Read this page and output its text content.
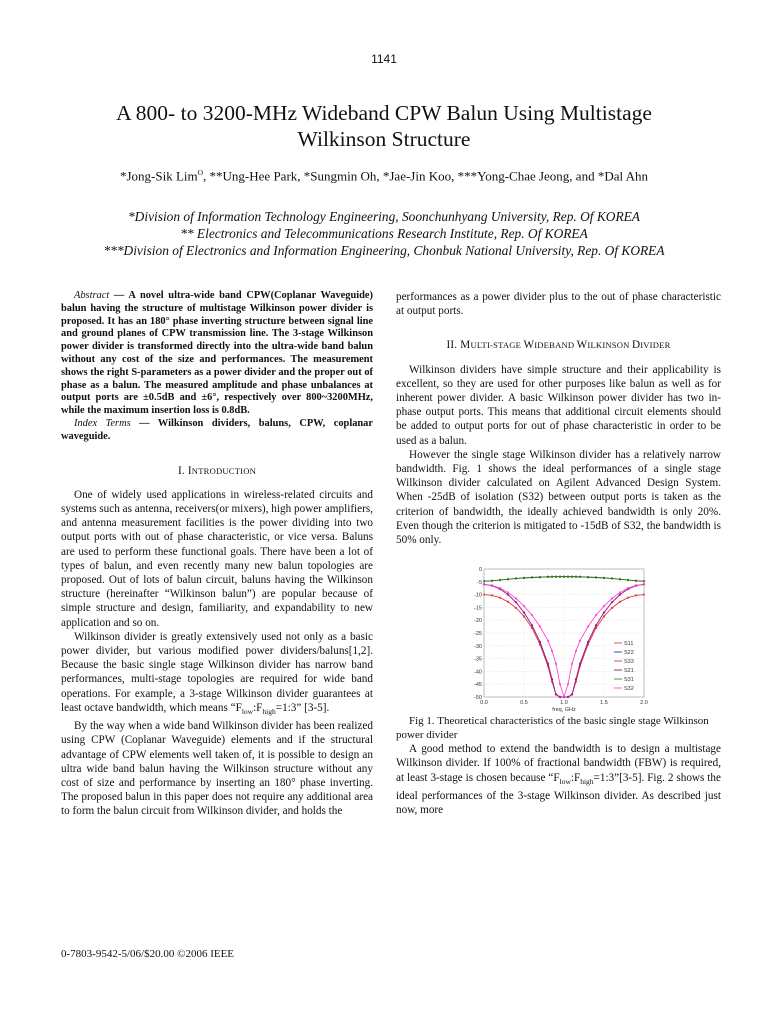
1141
A 800- to 3200-MHz Wideband CPW Balun Using Multistage
Wilkinson Structure
*Jong-Sik Lim$^O$, **Ung-Hee Park, *Sungmin Oh, *Jae-Jin Koo, ***Yong-Chae Jeong, and *Dal Ahn
*Division of Information Technology Engineering, Soonchunhyang University, Rep. Of KOREA
** Electronics and Telecommunications Research Institute, Rep. Of KOREA
***Division of Electronics and Information Engineering, Chonbuk National University, Rep. Of KOREA

Abstract — A novel ultra-wide band CPW(Coplanar Waveguide) balun having the structure of multistage Wilkinson power divider is proposed. It has an 180° phase inverting structure between signal line and ground planes of CPW transmission line. The 3-stage Wilkinson power divider is transformed directly into the ultra-wide band balun without any cost of the size and performances. The measurement shows the right S-parameters as a power divider and the proper out of phase as a balun. The measured amplitude and phase unbalances at output ports are ±0.5dB and ±6°, respectively over 800~3200MHz, while the maximum insertion loss is 0.8dB.

Index Terms — Wilkinson dividers, baluns, CPW, coplanar waveguide.

I. INTRODUCTION

One of widely used applications in wireless-related circuits and systems such as antenna, receivers(or mixers), high power amplifiers, and antenna measurement facilities is the power dividing into two output ports with out of phase characteristic, or vice versa. Baluns are used to perform these functional goals. There have been a lot of types of balun, and even recently many new balun topologies are proposed. Out of lots of balun circuit, baluns having the Wilkinson structure (hereinafter “Wilkinson balun”) are popular because of simple structure and design, familiarity, and expandability to new application and so on.

Wilkinson divider is greatly extensively used not only as a basic power divider, but various modified power dividers/baluns[1,2]. Because the basic single stage Wilkinson divider has narrow band performances, multi-stage topologies are required for wide band operations. For example, a 3-stage Wilkinson divider guarantees at least octave bandwidth, which means “$F_{low}:F_{high}=1:3$” [3-5].

By the way when a wide band Wilkinson divider has been realized using CPW (Coplanar Waveguide) elements and if the structural advantage of CPW elements well taken of, it is possible to design an ultra wide band balun having the Wilkinson structure without any cost of size and performance by inserting an 180° phase inverting. The proposed balun in this paper does not require any additional area to form the balun circuit from Wilkinson divider, and holds the

performances as a power divider plus to the out of phase characteristic at output ports.

II. MULTI-STAGE WIDEBAND WILKINSON DIVIDER

Wilkinson dividers have simple structure and their applicability is excellent, so they are used for other purposes like balun as well as for inherent power divider. A basic Wilkinson power divider has two in-phase output ports. This means that additional circuit elements should be added to output ports for out of phase characteristic in order to be used as a balun.

However the single stage Wilkinson divider has a relatively narrow bandwidth. Fig. 1 shows the ideal performances of a single stage Wilkinson divider calculated on Agilent Advanced Design System. When -25dB of isolation (S32) between output ports is taken as the criterion of bandwidth, the ideally achieved bandwidth is only 20%. Even though the criterion is mitigated to -15dB of S32, the bandwidth is 50% only.

0
-5
-10
-15
-20
-25
-30
-35
-40
-45
-50
0.0	0.5	1.0	1.5	2.0
freq, GHz
S11
S22
S33
S21
S31
S32

Fig 1. Theoretical characteristics of the basic single stage Wilkinson power divider

A good method to extend the bandwidth is to design a multistage Wilkinson divider. If 100% of fractional bandwidth (FBW) is required, at least 3-stage is chosen because “$F_{low}:F_{high}=1:3”[3-5]$. Fig. 2 shows the ideal performances of the 3-stage Wilkinson divider. As described just now, more

0-7803-9542-5/06/$20.00 ©2006 IEEE
